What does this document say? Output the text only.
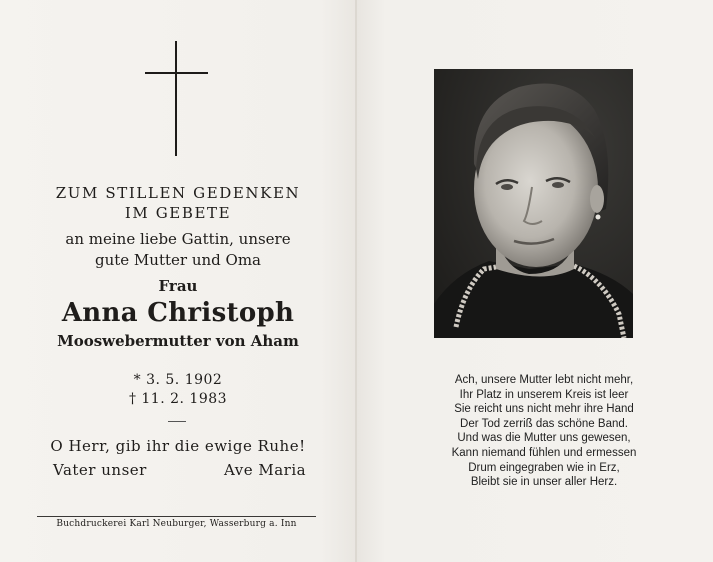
ZUM STILLEN GEDENKEN
IM GEBETE
an meine liebe Gattin, unsere
gute Mutter und Oma
Frau
Anna Christoph
Mooswebermutter von Aham
* 3. 5. 1902
† 11. 2. 1983
O Herr, gib ihr die ewige Ruhe!
Vater unser	Ave Maria
Buchdruckerei Karl Neuburger, Wasserburg a. Inn
Ach, unsere Mutter lebt nicht mehr,
Ihr Platz in unserem Kreis ist leer
Sie reicht uns nicht mehr ihre Hand
Der Tod zerriß das schöne Band.
Und was die Mutter uns gewesen,
Kann niemand fühlen und ermessen
Drum eingegraben wie in Erz,
Bleibt sie in unser aller Herz.
